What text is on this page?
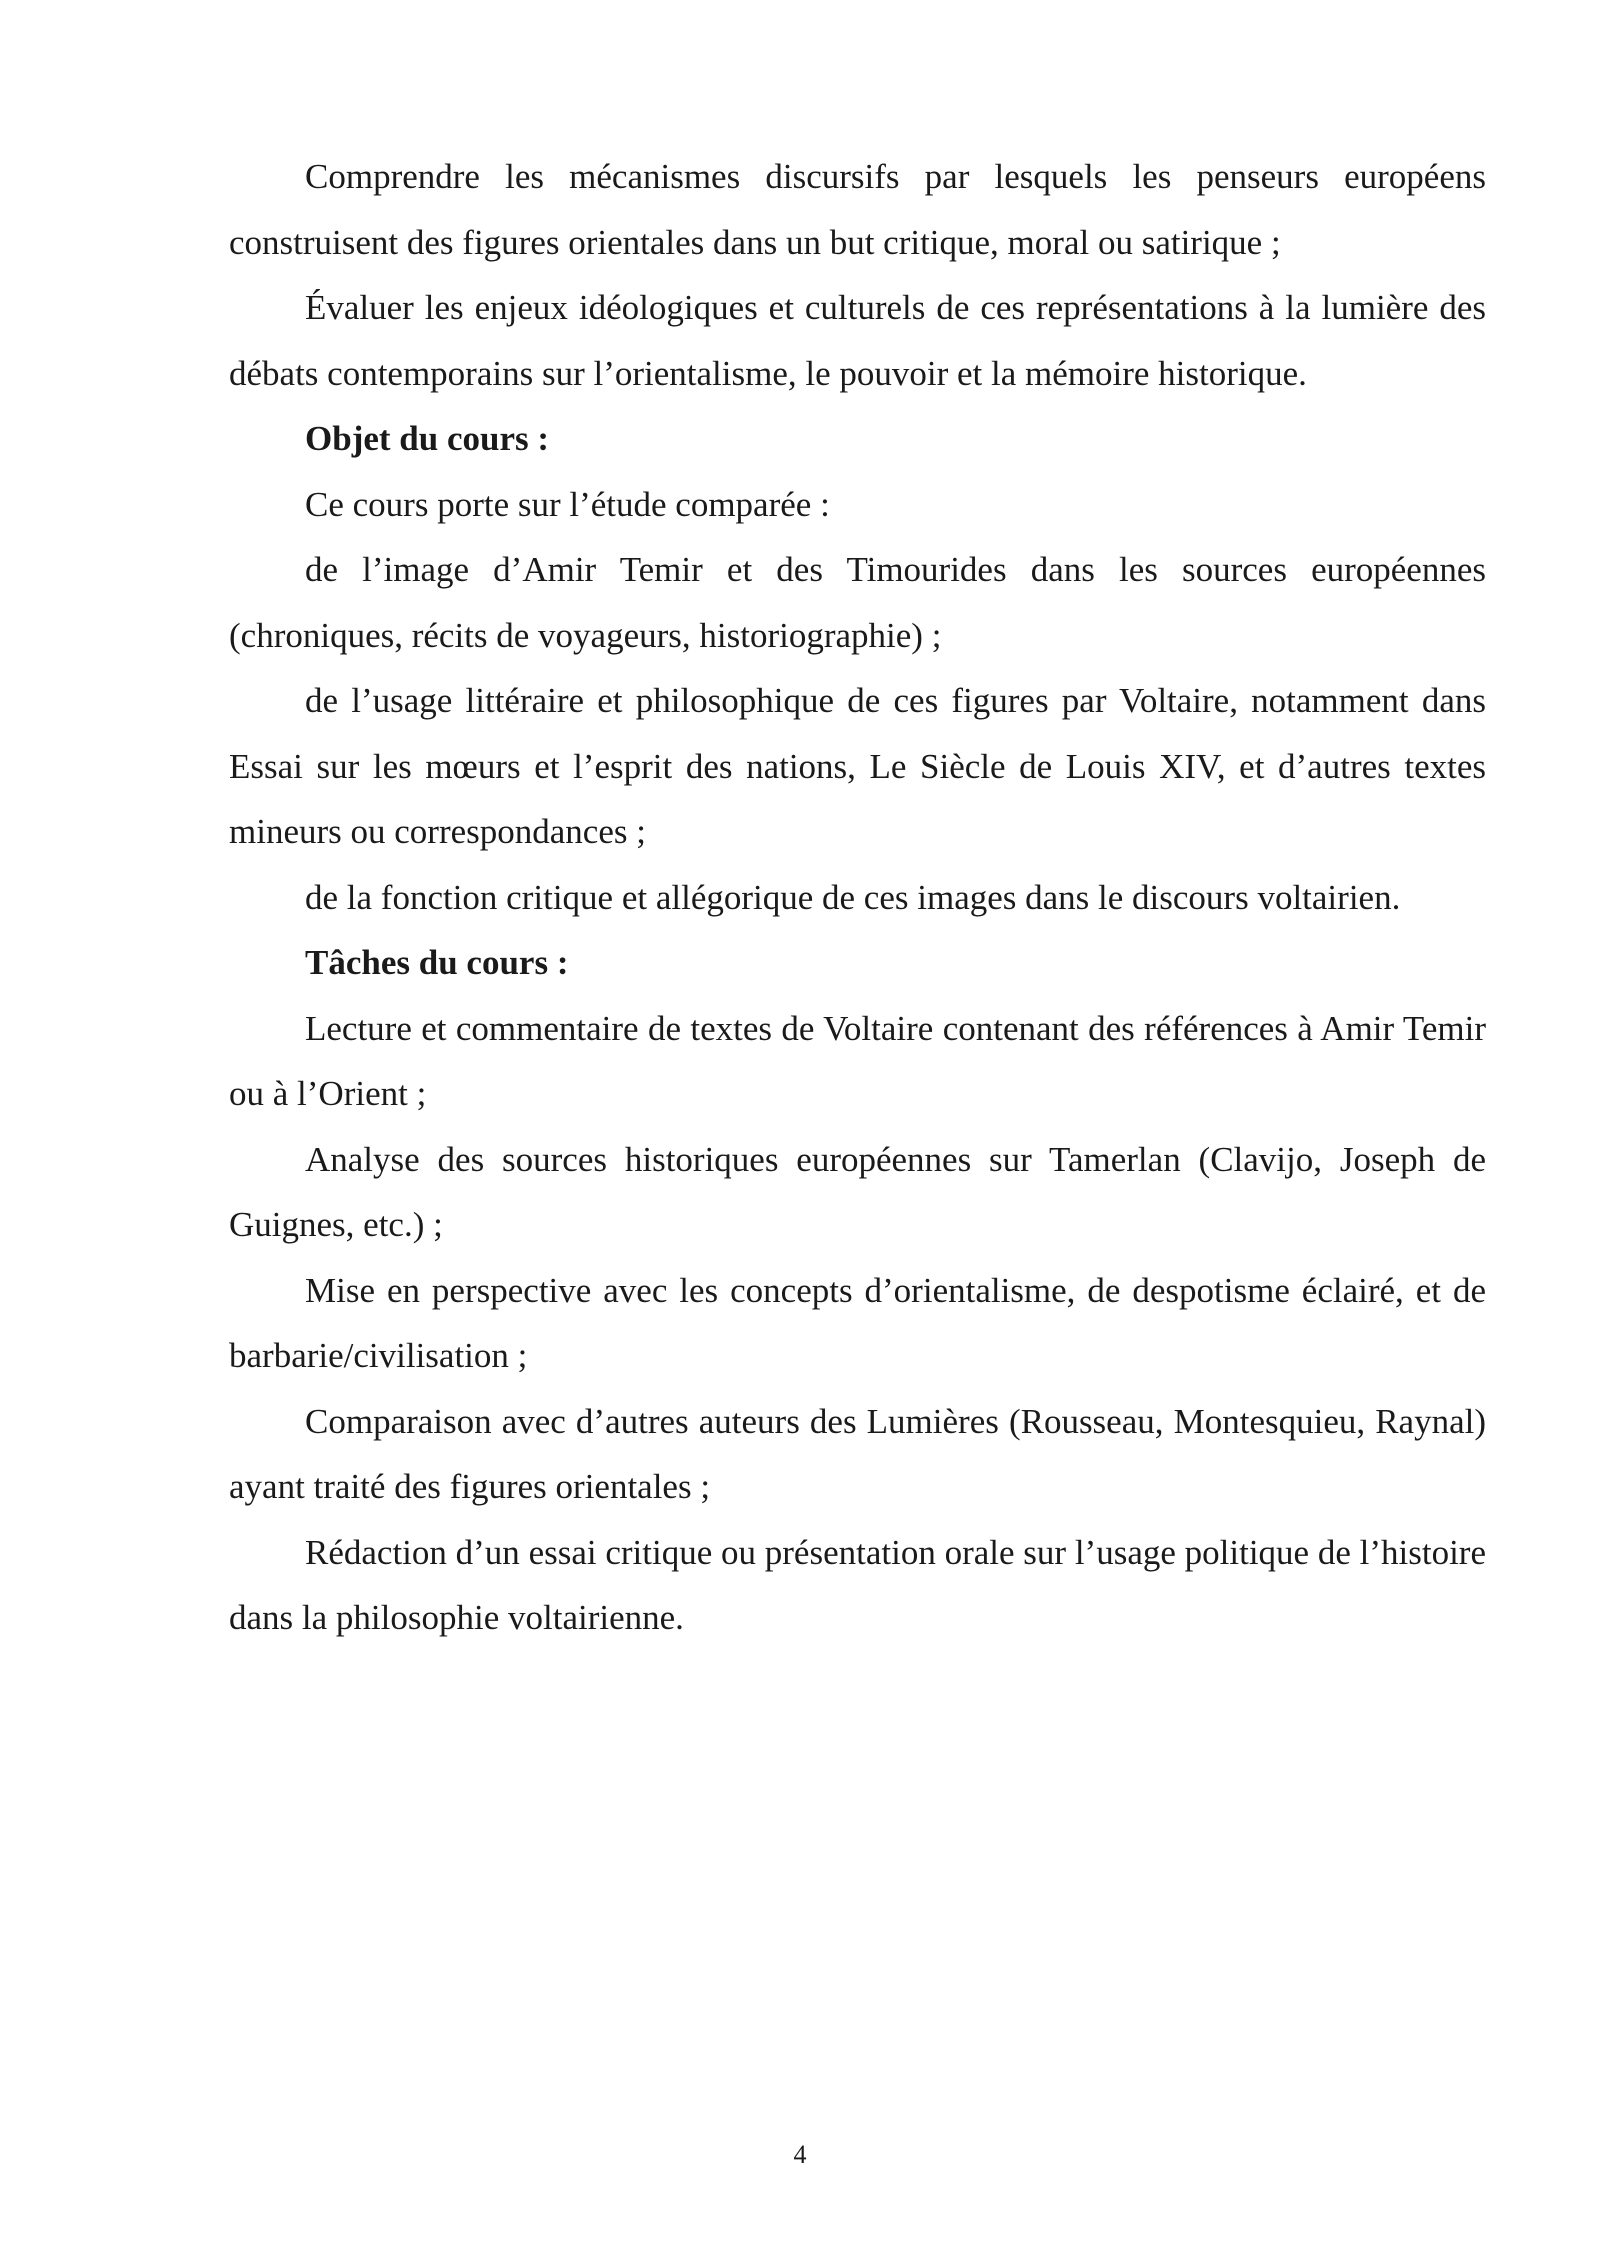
Comprendre les mécanismes discursifs par lesquels les penseurs européens construisent des figures orientales dans un but critique, moral ou satirique ;

Évaluer les enjeux idéologiques et culturels de ces représentations à la lumière des débats contemporains sur l’orientalisme, le pouvoir et la mémoire historique.

Objet du cours :

Ce cours porte sur l’étude comparée :

de l’image d’Amir Temir et des Timourides dans les sources européennes (chroniques, récits de voyageurs, historiographie) ;

de l’usage littéraire et philosophique de ces figures par Voltaire, notamment dans Essai sur les mœurs et l’esprit des nations, Le Siècle de Louis XIV, et d’autres textes mineurs ou correspondances ;

de la fonction critique et allégorique de ces images dans le discours voltairien.

Tâches du cours :

Lecture et commentaire de textes de Voltaire contenant des références à Amir Temir ou à l’Orient ;

Analyse des sources historiques européennes sur Tamerlan (Clavijo, Joseph de Guignes, etc.) ;

Mise en perspective avec les concepts d’orientalisme, de despotisme éclairé, et de barbarie/civilisation ;

Comparaison avec d’autres auteurs des Lumières (Rousseau, Montesquieu, Raynal) ayant traité des figures orientales ;

Rédaction d’un essai critique ou présentation orale sur l’usage politique de l’histoire dans la philosophie voltairienne.

4
